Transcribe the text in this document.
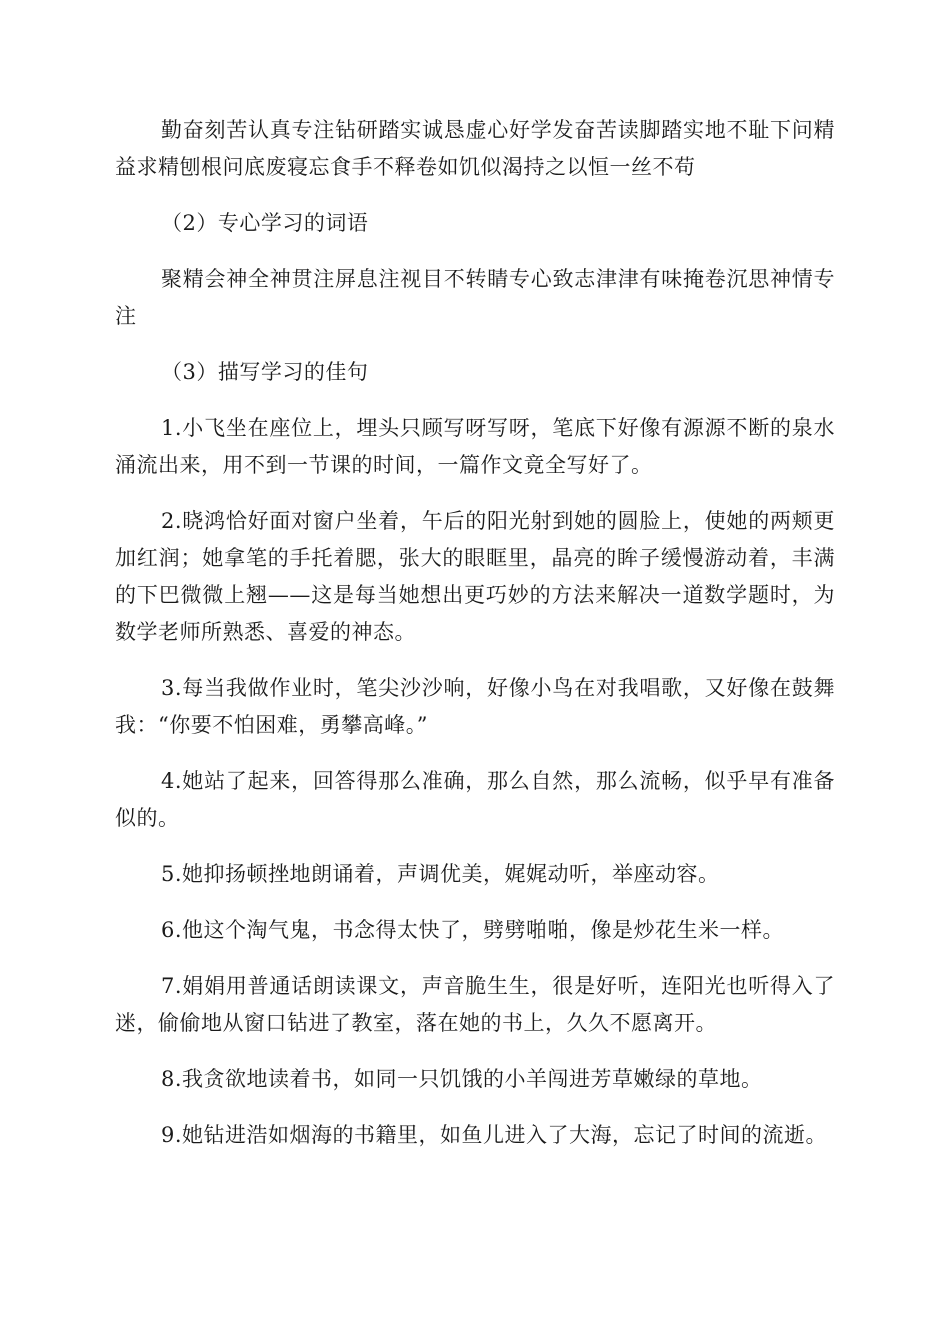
勤奋刻苦认真专注钻研踏实诚恳虚心好学发奋苦读脚踏实地不耻下问精益求精刨根问底废寝忘食手不释卷如饥似渴持之以恒一丝不苟

（2）专心学习的词语

聚精会神全神贯注屏息注视目不转睛专心致志津津有味掩卷沉思神情专注

（3）描写学习的佳句

1.小飞坐在座位上，埋头只顾写呀写呀，笔底下好像有源源不断的泉水涌流出来，用不到一节课的时间，一篇作文竟全写好了。

2.晓鸿恰好面对窗户坐着，午后的阳光射到她的圆脸上，使她的两颊更加红润；她拿笔的手托着腮，张大的眼眶里，晶亮的眸子缓慢游动着，丰满的下巴微微上翘——这是每当她想出更巧妙的方法来解决一道数学题时，为数学老师所熟悉、喜爱的神态。

3.每当我做作业时，笔尖沙沙响，好像小鸟在对我唱歌，又好像在鼓舞我：“你要不怕困难，勇攀高峰。”

4.她站了起来，回答得那么准确，那么自然，那么流畅，似乎早有准备似的。

5.她抑扬顿挫地朗诵着，声调优美，娓娓动听，举座动容。

6.他这个淘气鬼，书念得太快了，劈劈啪啪，像是炒花生米一样。

7.娟娟用普通话朗读课文，声音脆生生，很是好听，连阳光也听得入了迷，偷偷地从窗口钻进了教室，落在她的书上，久久不愿离开。

8.我贪欲地读着书，如同一只饥饿的小羊闯进芳草嫩绿的草地。

9.她钻进浩如烟海的书籍里，如鱼儿进入了大海，忘记了时间的流逝。
